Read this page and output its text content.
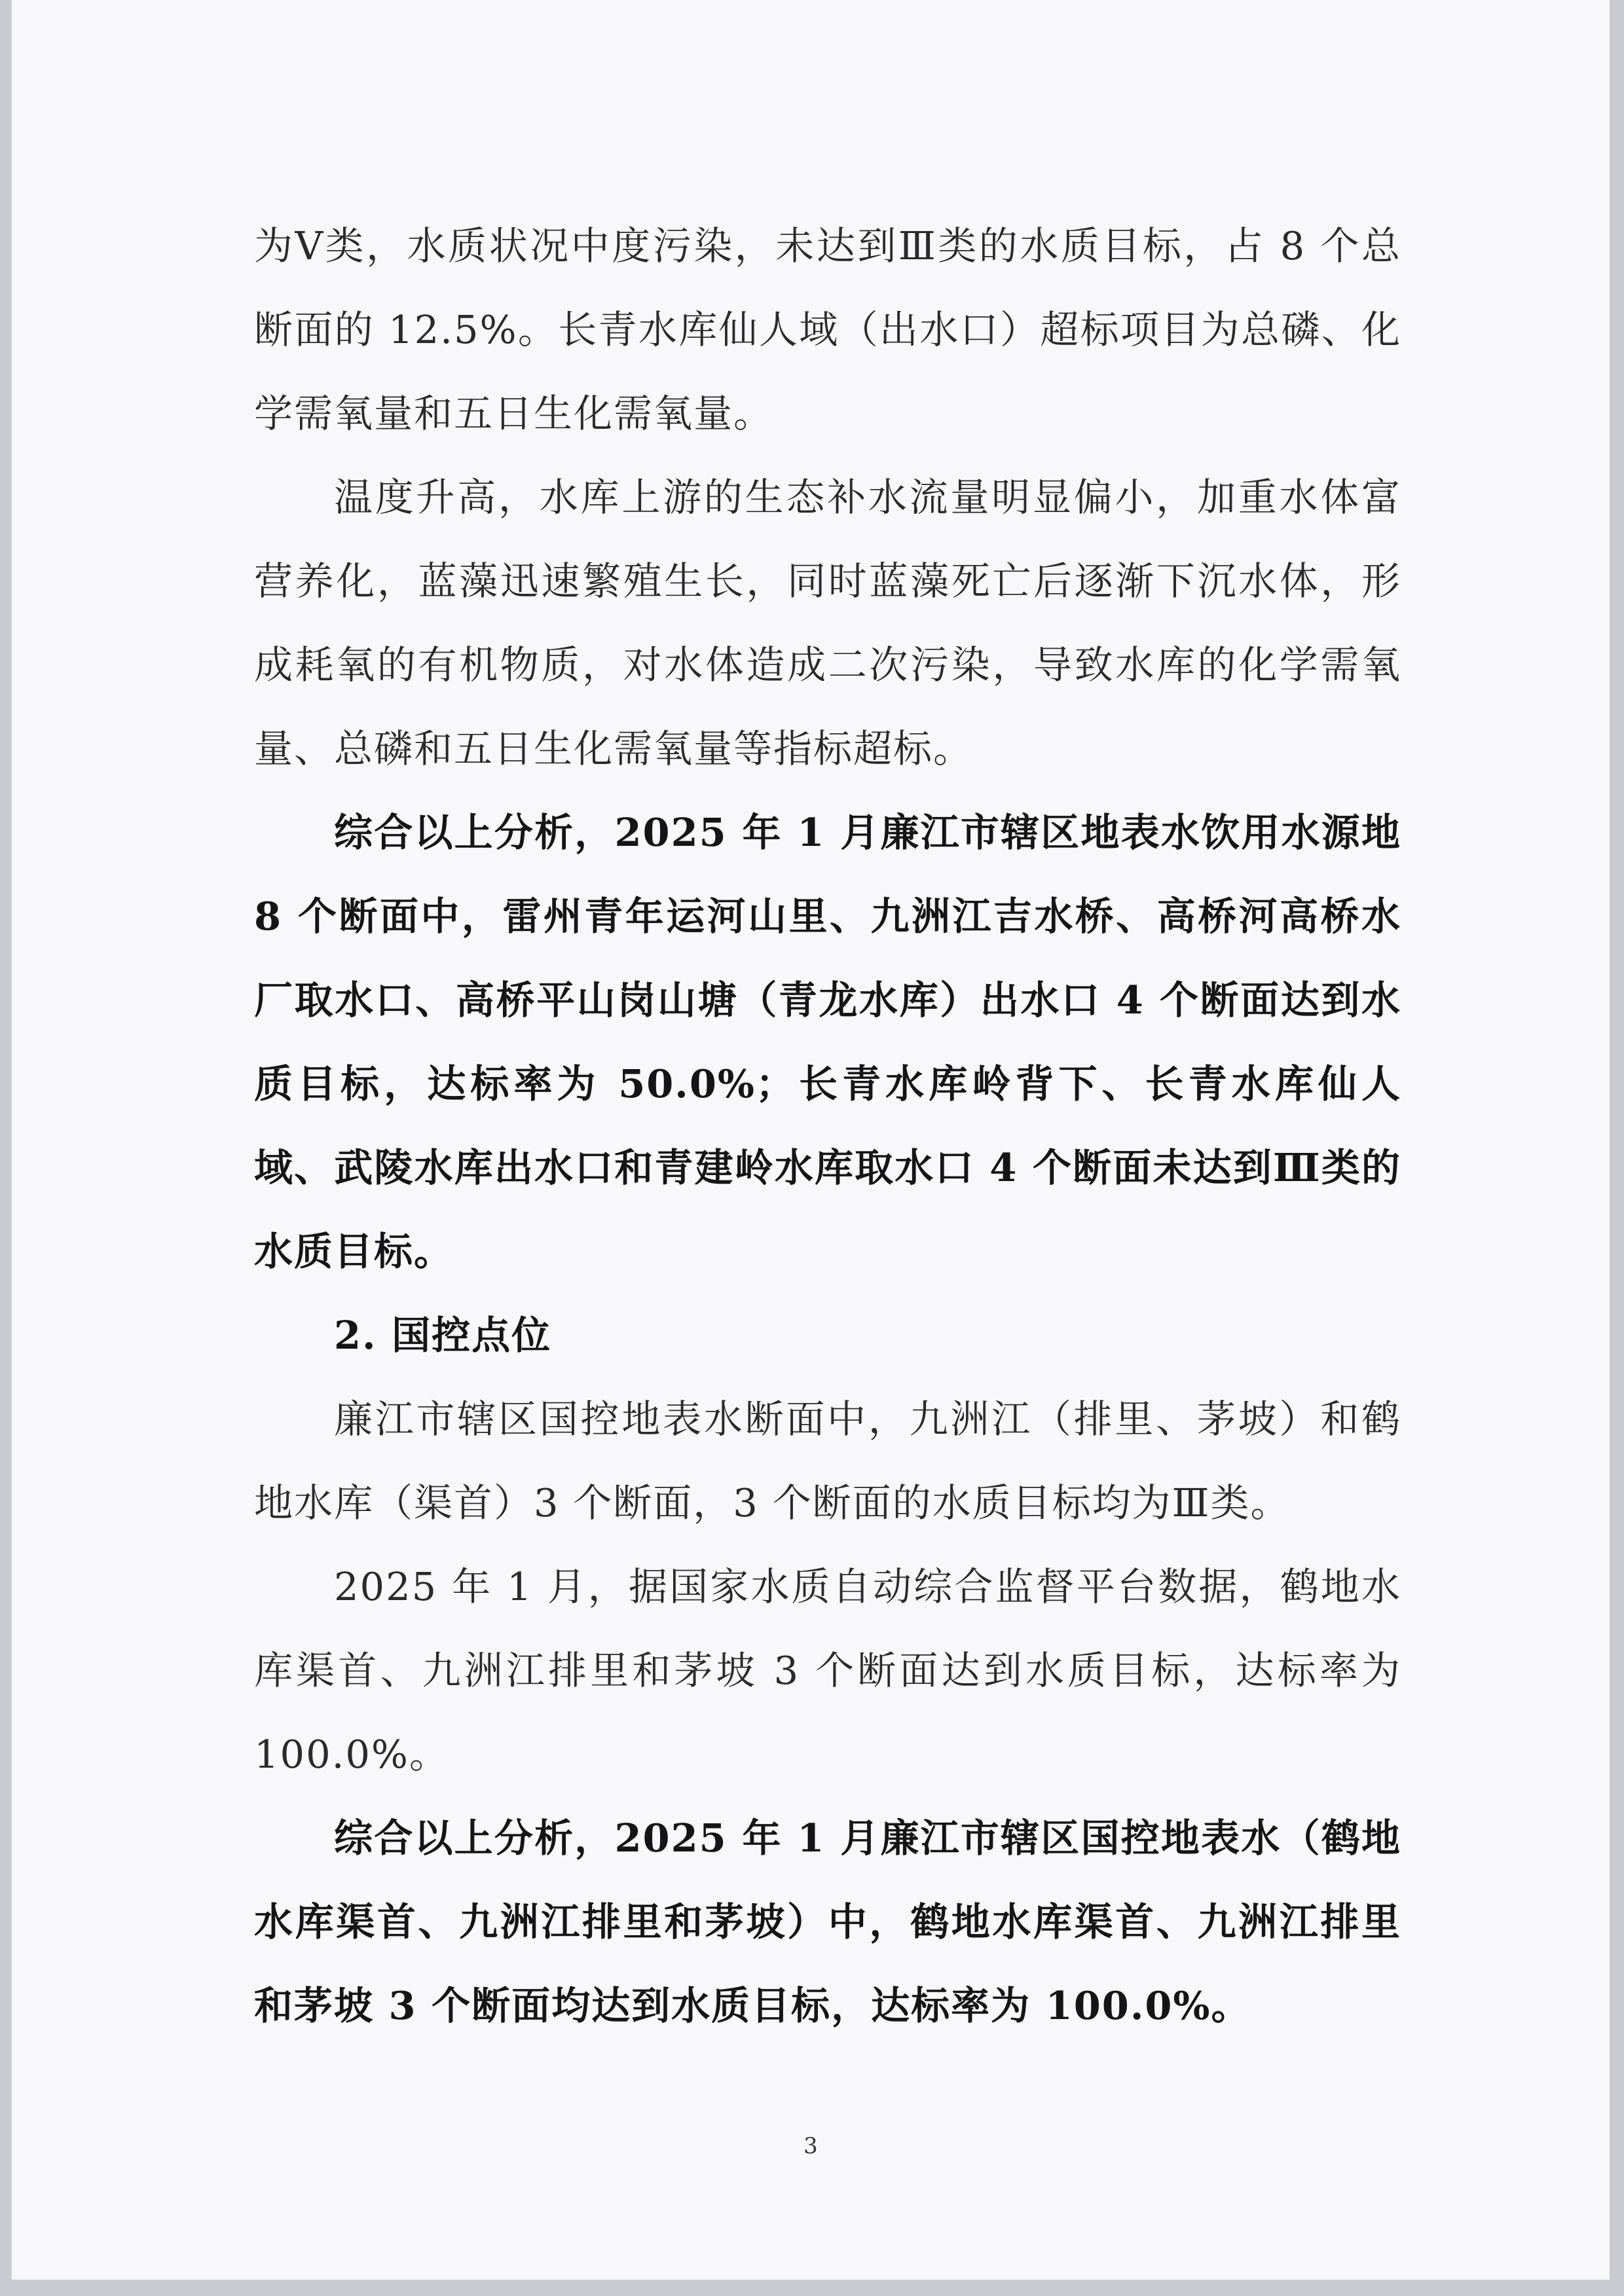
为Ⅴ类，水质状况中度污染，未达到Ⅲ类的水质目标，占 8 个总断面的 12.5%。长青水库仙人域（出水口）超标项目为总磷、化学需氧量和五日生化需氧量。

温度升高，水库上游的生态补水流量明显偏小，加重水体富营养化，蓝藻迅速繁殖生长，同时蓝藻死亡后逐渐下沉水体，形成耗氧的有机物质，对水体造成二次污染，导致水库的化学需氧量、总磷和五日生化需氧量等指标超标。

综合以上分析，2025 年 1 月廉江市辖区地表水饮用水源地 8 个断面中，雷州青年运河山里、九洲江吉水桥、高桥河高桥水厂取水口、高桥平山岗山塘（青龙水库）出水口 4 个断面达到水质目标，达标率为 50.0%；长青水库岭背下、长青水库仙人域、武陵水库出水口和青建岭水库取水口 4 个断面未达到Ⅲ类的水质目标。

2. 国控点位

廉江市辖区国控地表水断面中，九洲江（排里、茅坡）和鹤地水库（渠首）3 个断面，3 个断面的水质目标均为Ⅲ类。

2025 年 1 月，据国家水质自动综合监督平台数据，鹤地水库渠首、九洲江排里和茅坡 3 个断面达到水质目标，达标率为 100.0%。

综合以上分析，2025 年 1 月廉江市辖区国控地表水（鹤地水库渠首、九洲江排里和茅坡）中，鹤地水库渠首、九洲江排里和茅坡 3 个断面均达到水质目标，达标率为 100.0%。

3
